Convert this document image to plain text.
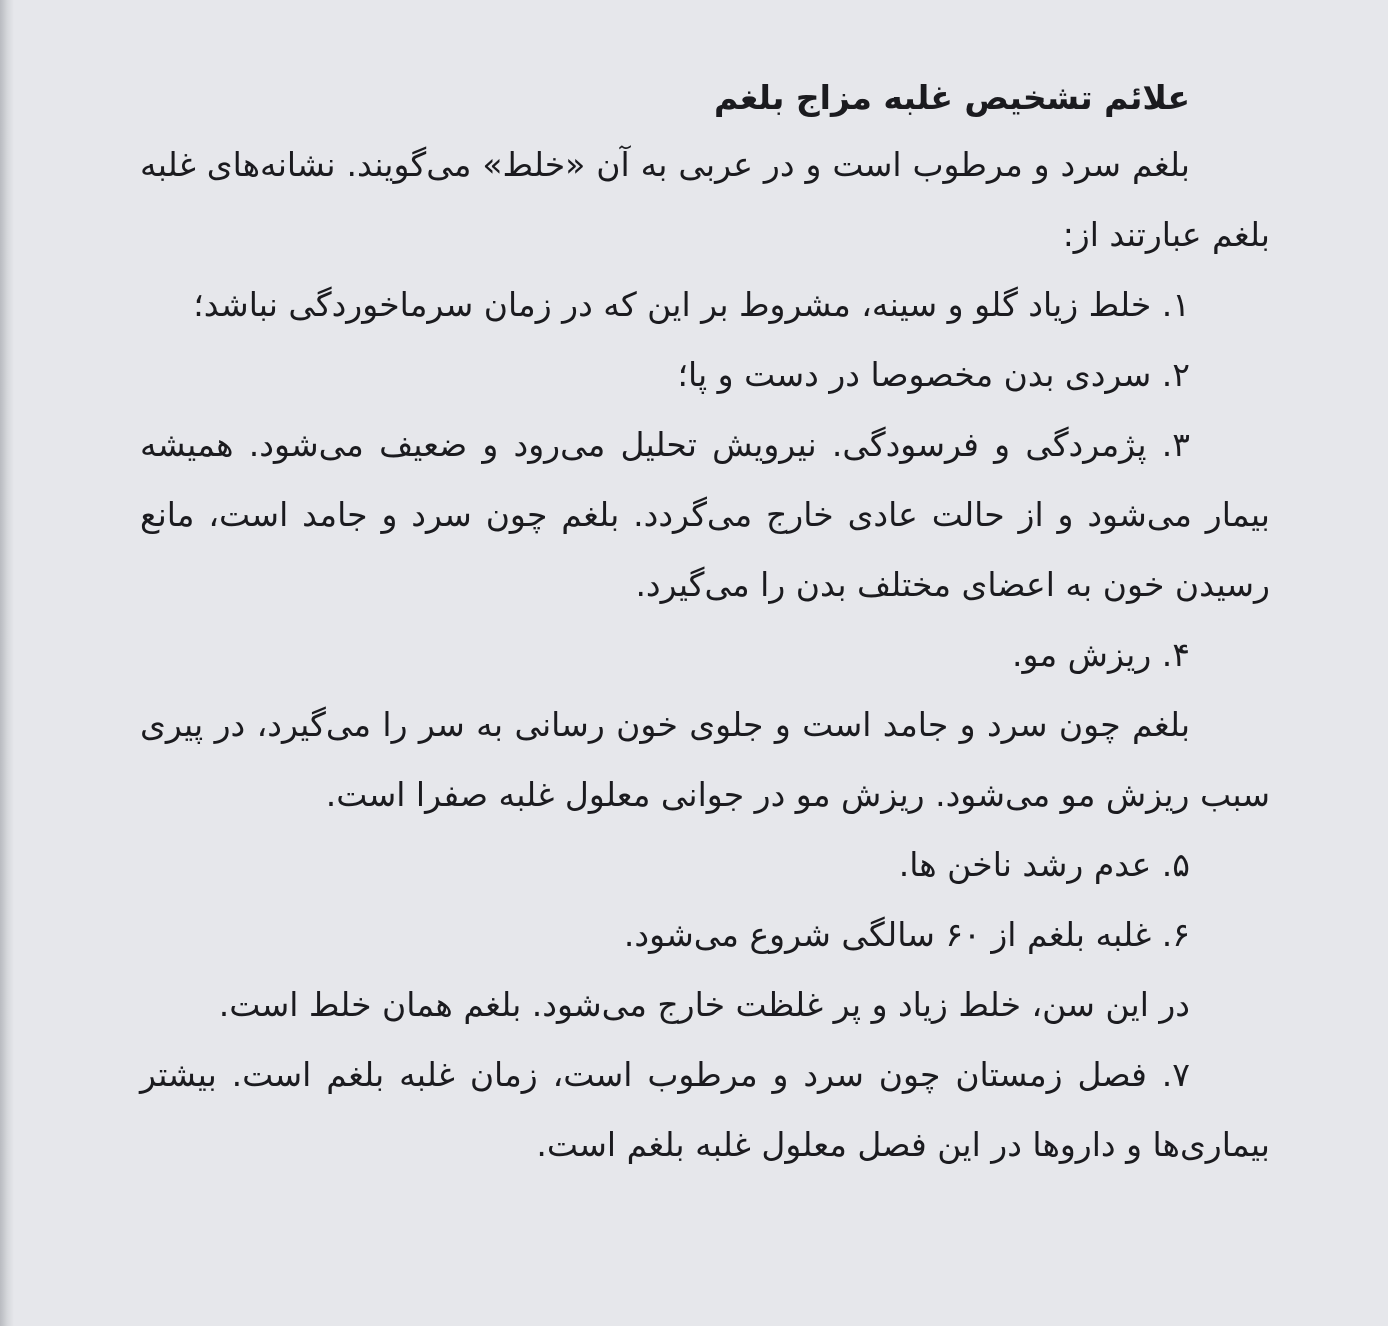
علائم تشخیص غلبه مزاج بلغم

بلغم سرد و مرطوب است و در عربی به آن «خلط» می‌گویند. نشانه‌های غلبه بلغم عبارتند از:

۱. خلط زیاد گلو و سینه، مشروط بر این که در زمان سرماخوردگی نباشد؛

۲. سردی بدن مخصوصا در دست و پا؛

۳. پژمردگی و فرسودگی. نیرویش تحلیل می‌رود و ضعیف می‌شود. همیشه بیمار می‌شود و از حالت عادی خارج می‌گردد. بلغم چون سرد و جامد است، مانع رسیدن خون به اعضای مختلف بدن را می‌گیرد.

۴. ریزش مو.

بلغم چون سرد و جامد است و جلوی خون رسانی به سر را می‌گیرد، در پیری سبب ریزش مو می‌شود. ریزش مو در جوانی معلول غلبه صفرا است.

۵. عدم رشد ناخن ها.

۶. غلبه بلغم از ۶۰ سالگی شروع می‌شود.

در این سن، خلط زیاد و پر غلظت خارج می‌شود. بلغم همان خلط است.

۷. فصل زمستان چون سرد و مرطوب است، زمان غلبه بلغم است. بیشتر بیماری‌ها و داروها در این فصل معلول غلبه بلغم است.
